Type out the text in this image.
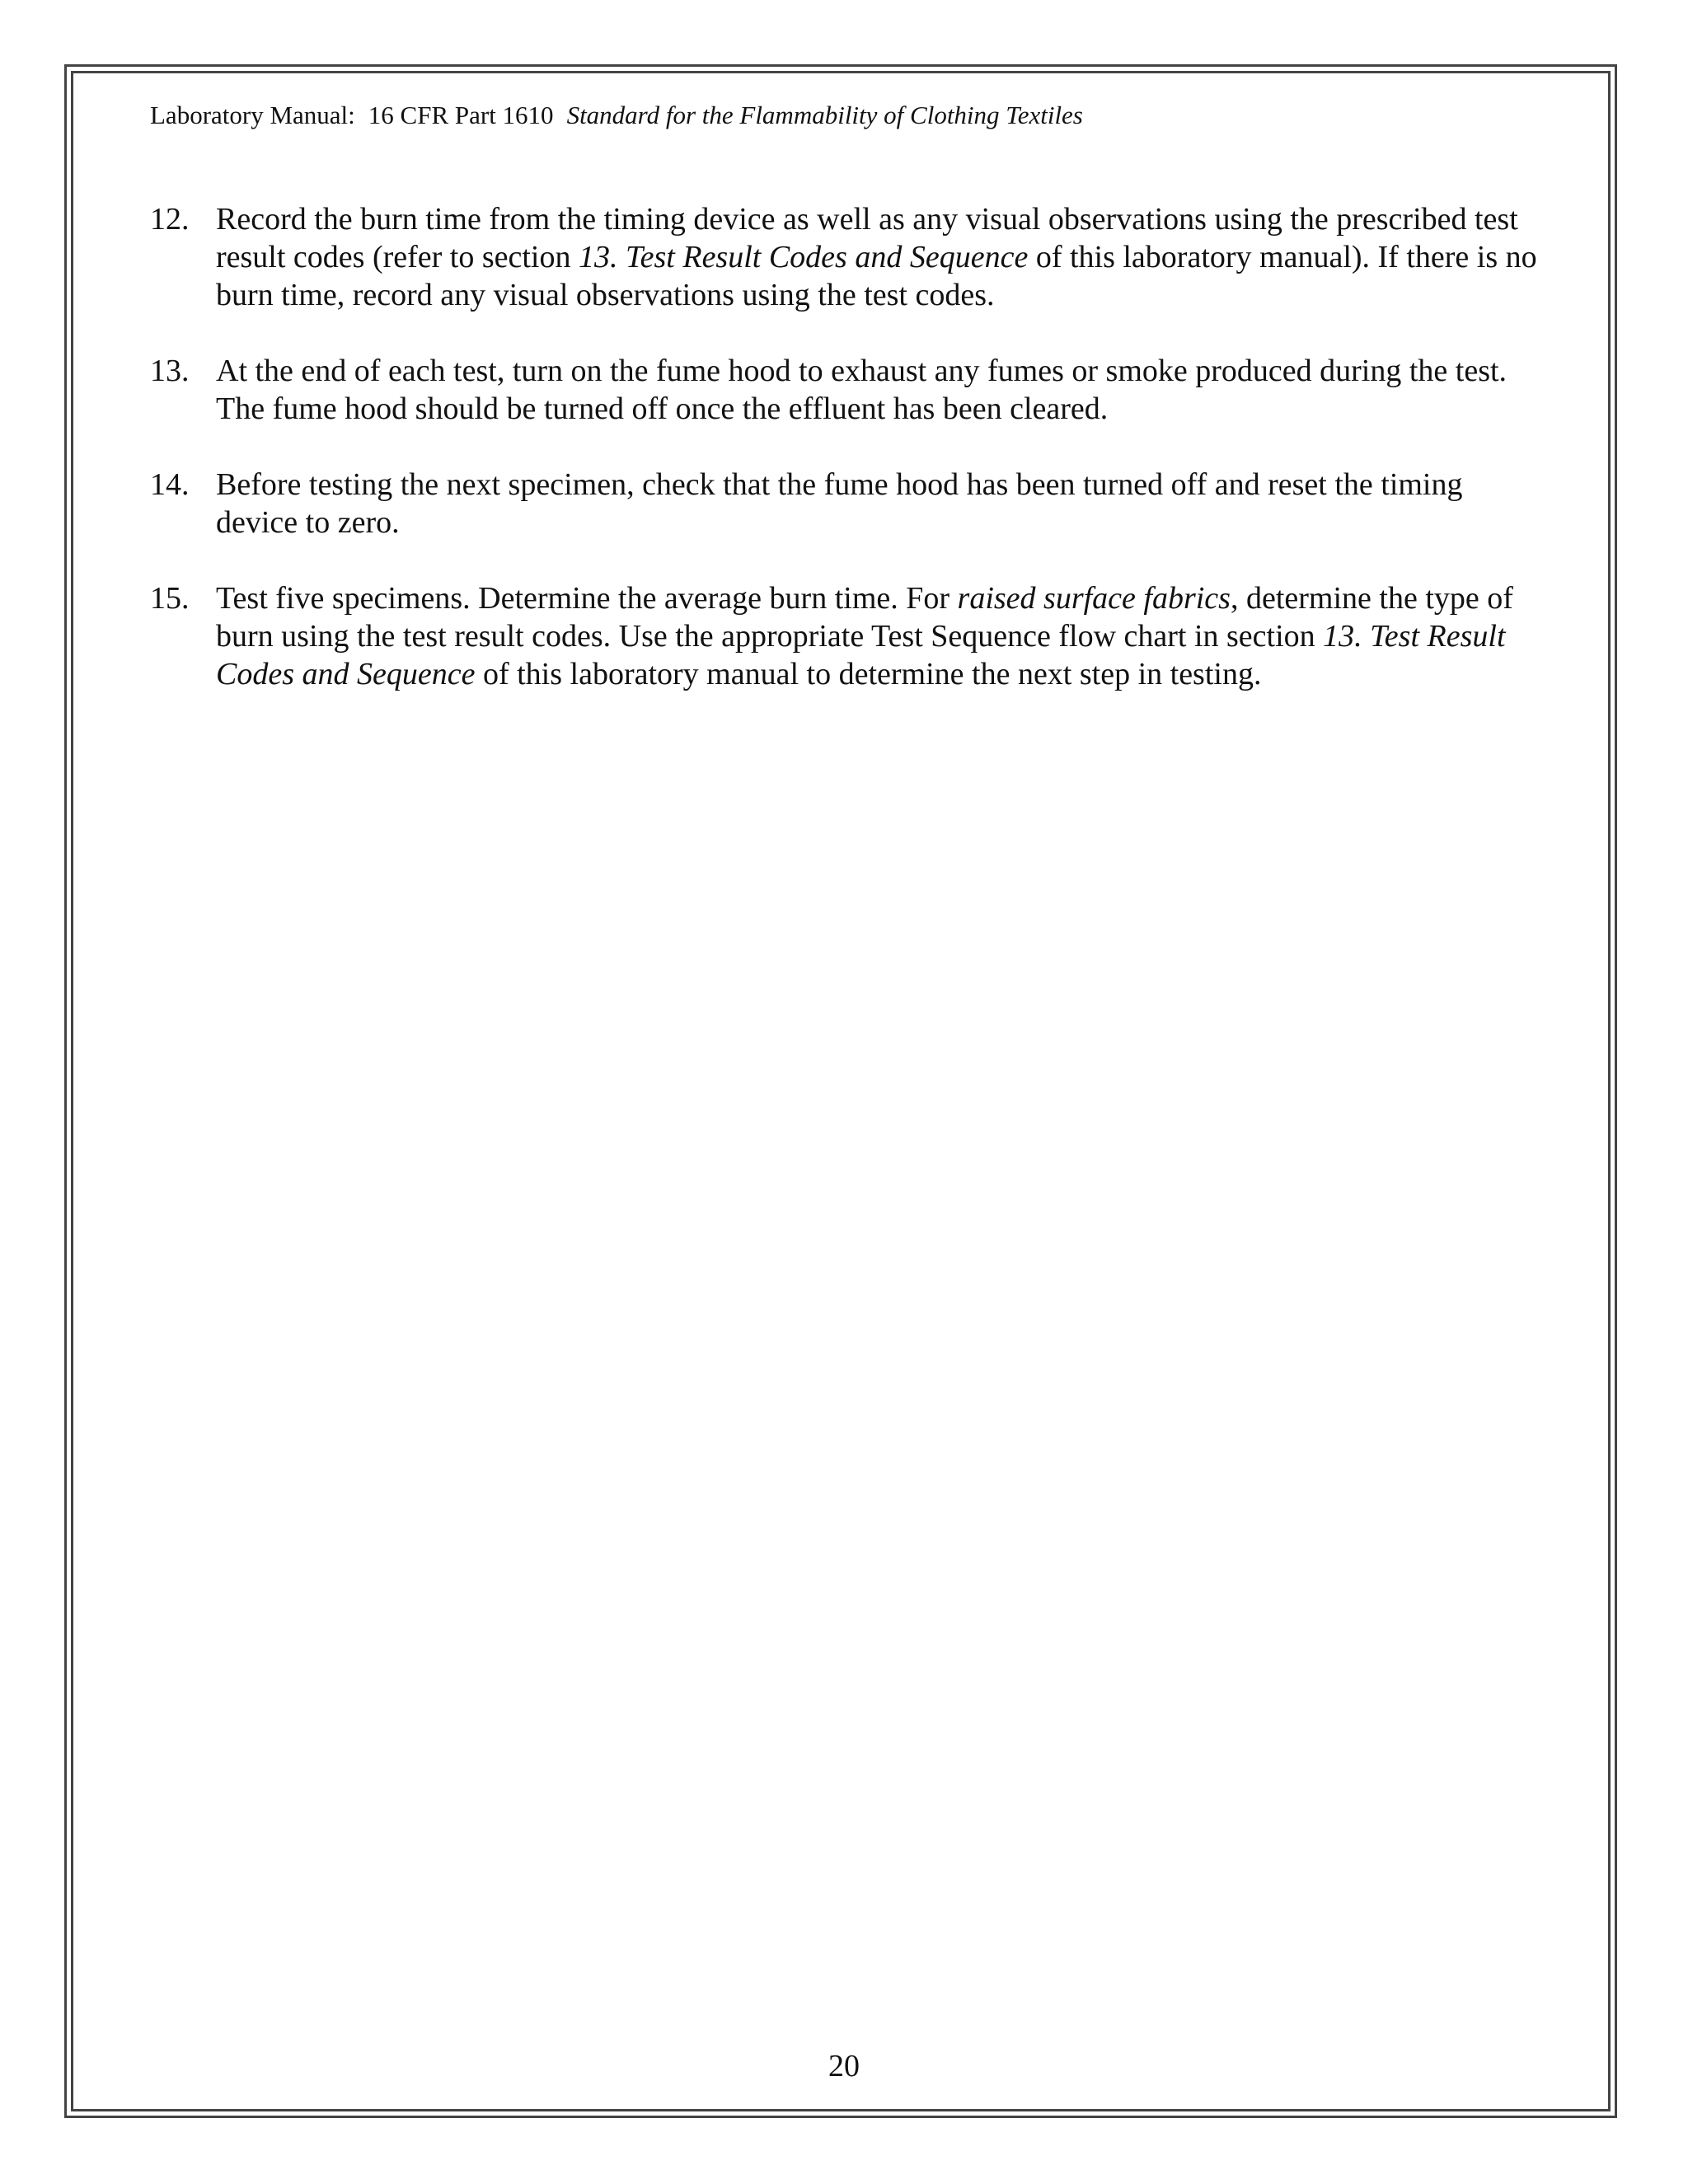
Laboratory Manual: 16 CFR Part 1610 Standard for the Flammability of Clothing Textiles
12. Record the burn time from the timing device as well as any visual observations using the prescribed test result codes (refer to section 13. Test Result Codes and Sequence of this laboratory manual). If there is no burn time, record any visual observations using the test codes.
13. At the end of each test, turn on the fume hood to exhaust any fumes or smoke produced during the test. The fume hood should be turned off once the effluent has been cleared.
14. Before testing the next specimen, check that the fume hood has been turned off and reset the timing device to zero.
15. Test five specimens. Determine the average burn time. For raised surface fabrics, determine the type of burn using the test result codes. Use the appropriate Test Sequence flow chart in section 13. Test Result Codes and Sequence of this laboratory manual to determine the next step in testing.
20
